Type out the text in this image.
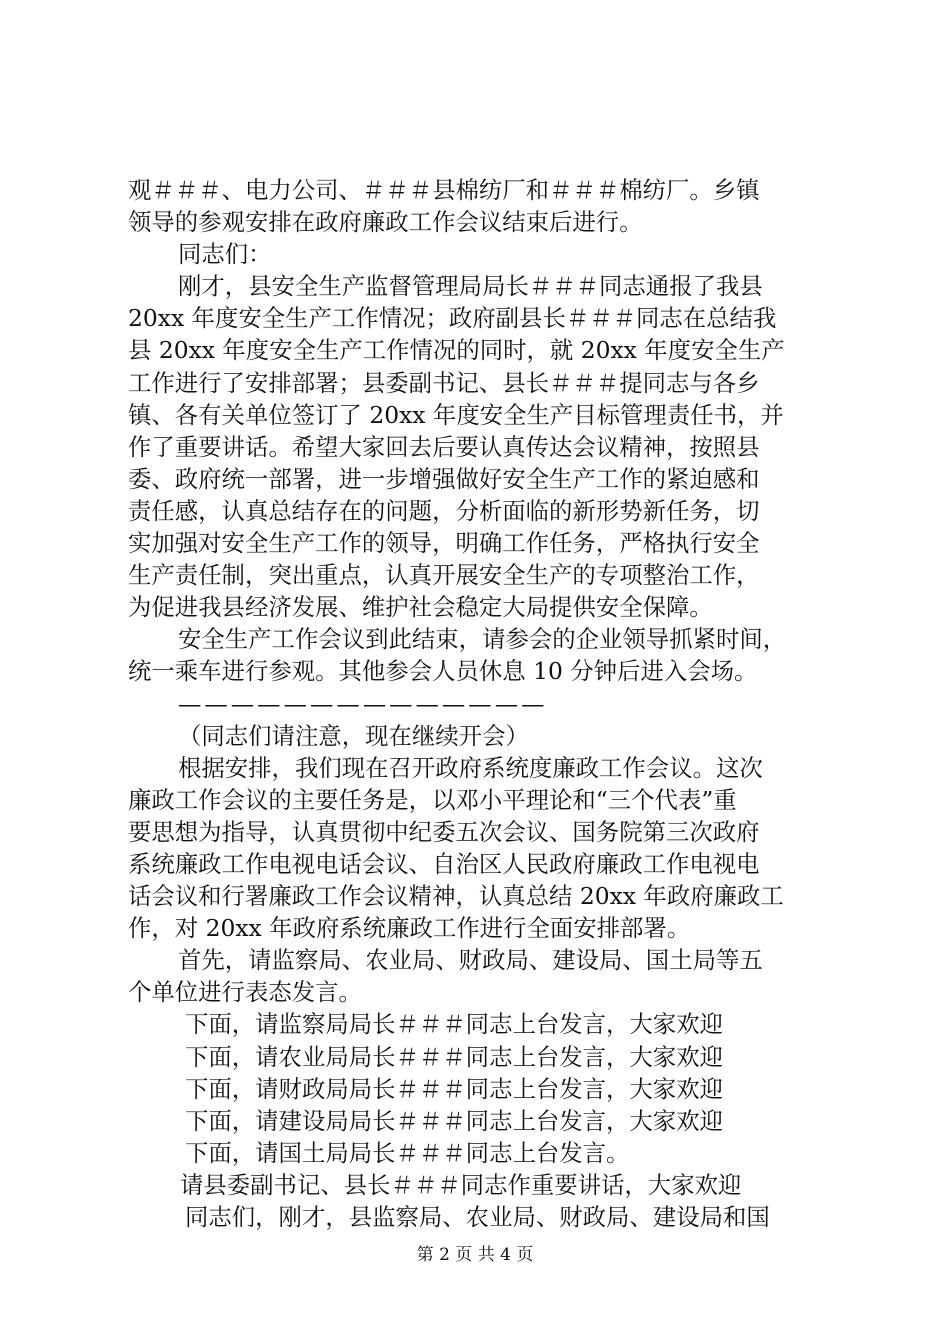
观＃＃＃、电力公司、＃＃＃县棉纺厂和＃＃＃棉纺厂。乡镇
领导的参观安排在政府廉政工作会议结束后进行。
同志们：
刚才，县安全生产监督管理局局长＃＃＃同志通报了我县
20xx 年度安全生产工作情况；政府副县长＃＃＃同志在总结我
县 20xx 年度安全生产工作情况的同时，就 20xx 年度安全生产
工作进行了安排部署；县委副书记、县长＃＃＃提同志与各乡
镇、各有关单位签订了 20xx 年度安全生产目标管理责任书，并
作了重要讲话。希望大家回去后要认真传达会议精神，按照县
委、政府统一部署，进一步增强做好安全生产工作的紧迫感和
责任感，认真总结存在的问题，分析面临的新形势新任务，切
实加强对安全生产工作的领导，明确工作任务，严格执行安全
生产责任制，突出重点，认真开展安全生产的专项整治工作，
为促进我县经济发展、维护社会稳定大局提供安全保障。
安全生产工作会议到此结束，请参会的企业领导抓紧时间，
统一乘车进行参观。其他参会人员休息 10 分钟后进入会场。
——————————————
（同志们请注意，现在继续开会）
根据安排，我们现在召开政府系统度廉政工作会议。这次
廉政工作会议的主要任务是，以邓小平理论和“三个代表”重
要思想为指导，认真贯彻中纪委五次会议、国务院第三次政府
系统廉政工作电视电话会议、自治区人民政府廉政工作电视电
话会议和行署廉政工作会议精神，认真总结 20xx 年政府廉政工
作，对 20xx 年政府系统廉政工作进行全面安排部署。
首先，请监察局、农业局、财政局、建设局、国土局等五
个单位进行表态发言。
下面，请监察局局长＃＃＃同志上台发言，大家欢迎
下面，请农业局局长＃＃＃同志上台发言，大家欢迎
下面，请财政局局长＃＃＃同志上台发言，大家欢迎
下面，请建设局局长＃＃＃同志上台发言，大家欢迎
下面，请国土局局长＃＃＃同志上台发言。
请县委副书记、县长＃＃＃同志作重要讲话，大家欢迎
同志们，刚才，县监察局、农业局、财政局、建设局和国
第 2 页 共 4 页
